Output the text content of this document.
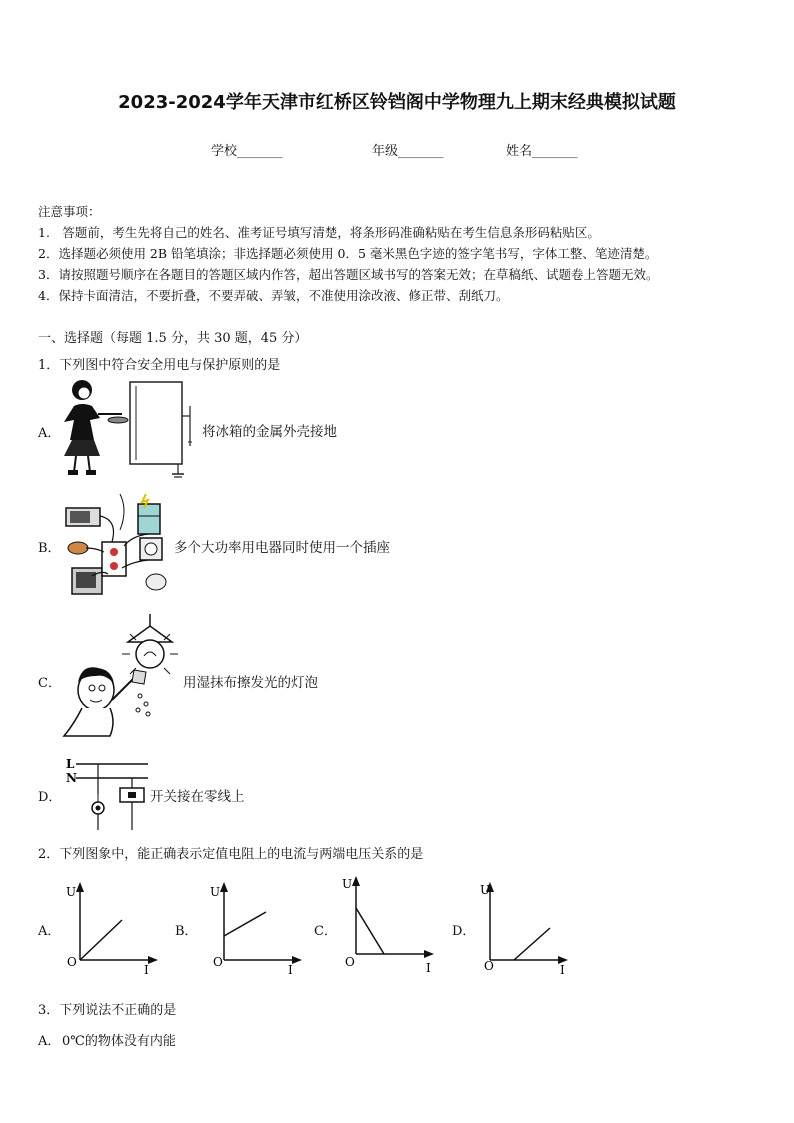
2023-2024学年天津市红桥区铃铛阁中学物理九上期末经典模拟试题
学校_______	年级_______	姓名_______
注意事项：
1.　答题前，考生先将自己的姓名、准考证号填写清楚，将条形码准确粘贴在考生信息条形码粘贴区。
2．选择题必须使用 2B 铅笔填涂；非选择题必须使用 0．5 毫米黑色字迹的签字笔书写，字体工整、笔迹清楚。
3．请按照题号顺序在各题目的答题区域内作答，超出答题区域书写的答案无效；在草稿纸、试题卷上答题无效。
4．保持卡面清洁，不要折叠，不要弄破、弄皱，不准使用涂改液、修正带、刮纸刀。
一、选择题（每题 1.5 分，共 30 题，45 分）
1．下列图中符合安全用电与保护原则的是
A．	将冰箱的金属外壳接地
B．	多个大功率用电器同时使用一个插座
C．	用湿抹布擦发光的灯泡
D．
L
N
开关接在零线上
2．下列图象中，能正确表示定值电阻上的电流与两端电压关系的是
A．
U
O
I
B．
U
O
I
C．
U
O	I
D．
U
O	I
3．下列说法不正确的是
A． 0℃的物体没有内能
